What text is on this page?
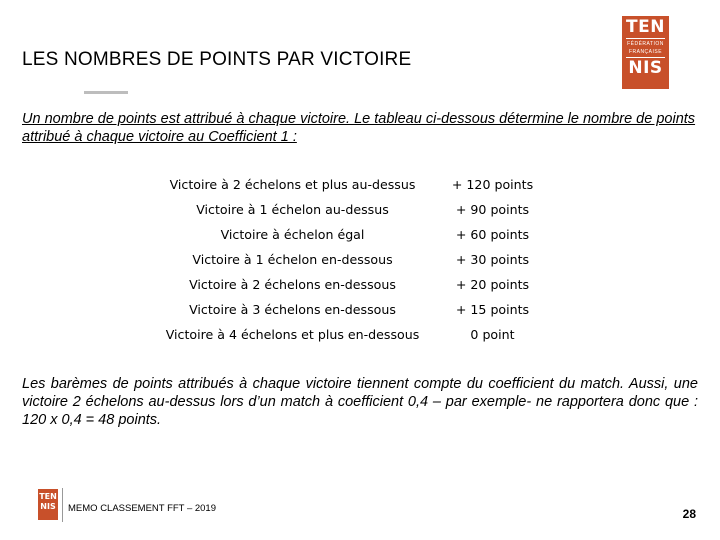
LES NOMBRES DE POINTS PAR VICTOIRE
TEN
FÉDÉRATION
FRANÇAISE
NIS
Un nombre de points est attribué à chaque victoire. Le tableau ci-dessous détermine le nombre de points attribué à chaque victoire au Coefficient 1 :
Victoire à 2 échelons et plus au-dessus	+ 120 points
Victoire à 1 échelon au-dessus	+ 90 points
Victoire à échelon égal	+ 60 points
Victoire à 1 échelon en-dessous	+ 30 points
Victoire à 2 échelons en-dessous	+ 20 points
Victoire à 3 échelons en-dessous	+ 15 points
Victoire à 4 échelons et plus en-dessous	0 point
Les barèmes de points attribués à chaque victoire tiennent compte du coefficient du match. Aussi, une victoire 2 échelons au-dessus lors d’un match à coefficient 0,4 – par exemple- ne rapportera donc que : 120 x 0,4 = 48 points.
TEN
NIS MEMO CLASSEMENT FFT – 2019	28
